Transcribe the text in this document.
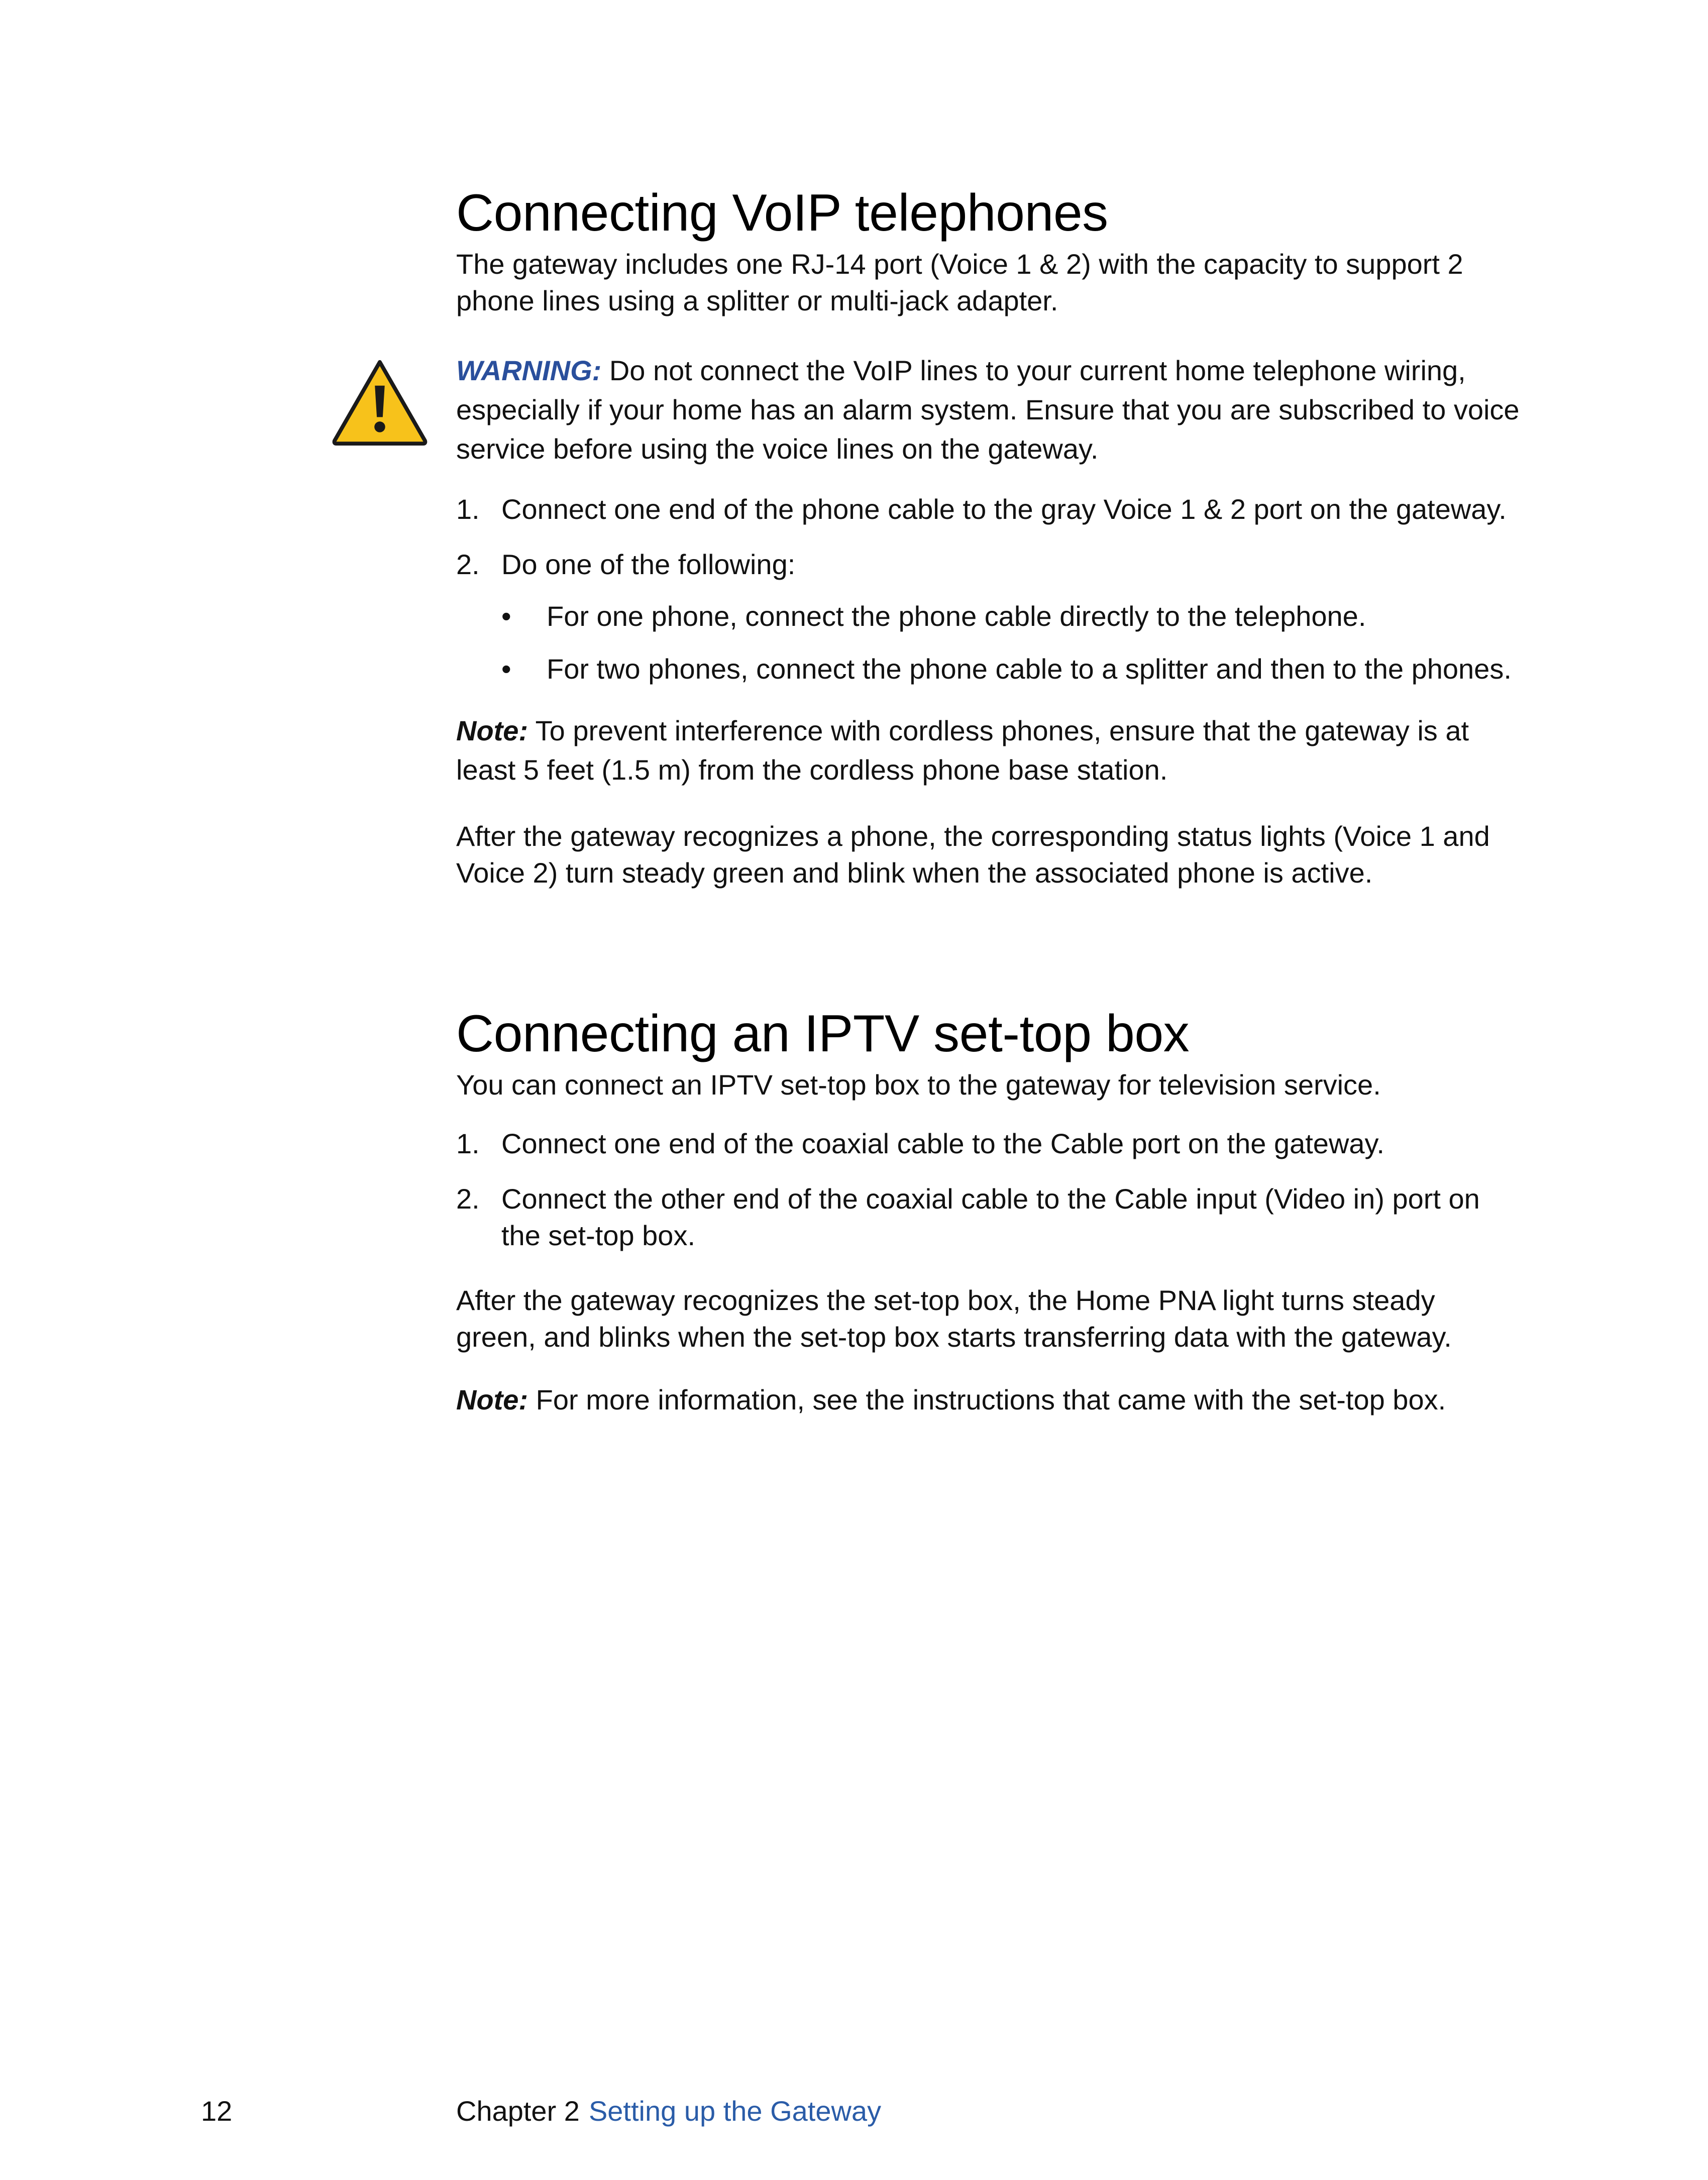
Connecting VoIP telephones

The gateway includes one RJ-14 port (Voice 1 & 2) with the capacity to support 2 phone lines using a splitter or multi-jack adapter.

WARNING: Do not connect the VoIP lines to your current home telephone wiring, especially if your home has an alarm system. Ensure that you are subscribed to voice service before using the voice lines on the gateway.

1. Connect one end of the phone cable to the gray Voice 1 & 2 port on the gateway.
2. Do one of the following:
• For one phone, connect the phone cable directly to the telephone.
• For two phones, connect the phone cable to a splitter and then to the phones.

Note: To prevent interference with cordless phones, ensure that the gateway is at least 5 feet (1.5 m) from the cordless phone base station.

After the gateway recognizes a phone, the corresponding status lights (Voice 1 and Voice 2) turn steady green and blink when the associated phone is active.

Connecting an IPTV set-top box

You can connect an IPTV set-top box to the gateway for television service.

1. Connect one end of the coaxial cable to the Cable port on the gateway.
2. Connect the other end of the coaxial cable to the Cable input (Video in) port on the set-top box.

After the gateway recognizes the set-top box, the Home PNA light turns steady green, and blinks when the set-top box starts transferring data with the gateway.

Note: For more information, see the instructions that came with the set-top box.

12	Chapter 2 Setting up the Gateway
